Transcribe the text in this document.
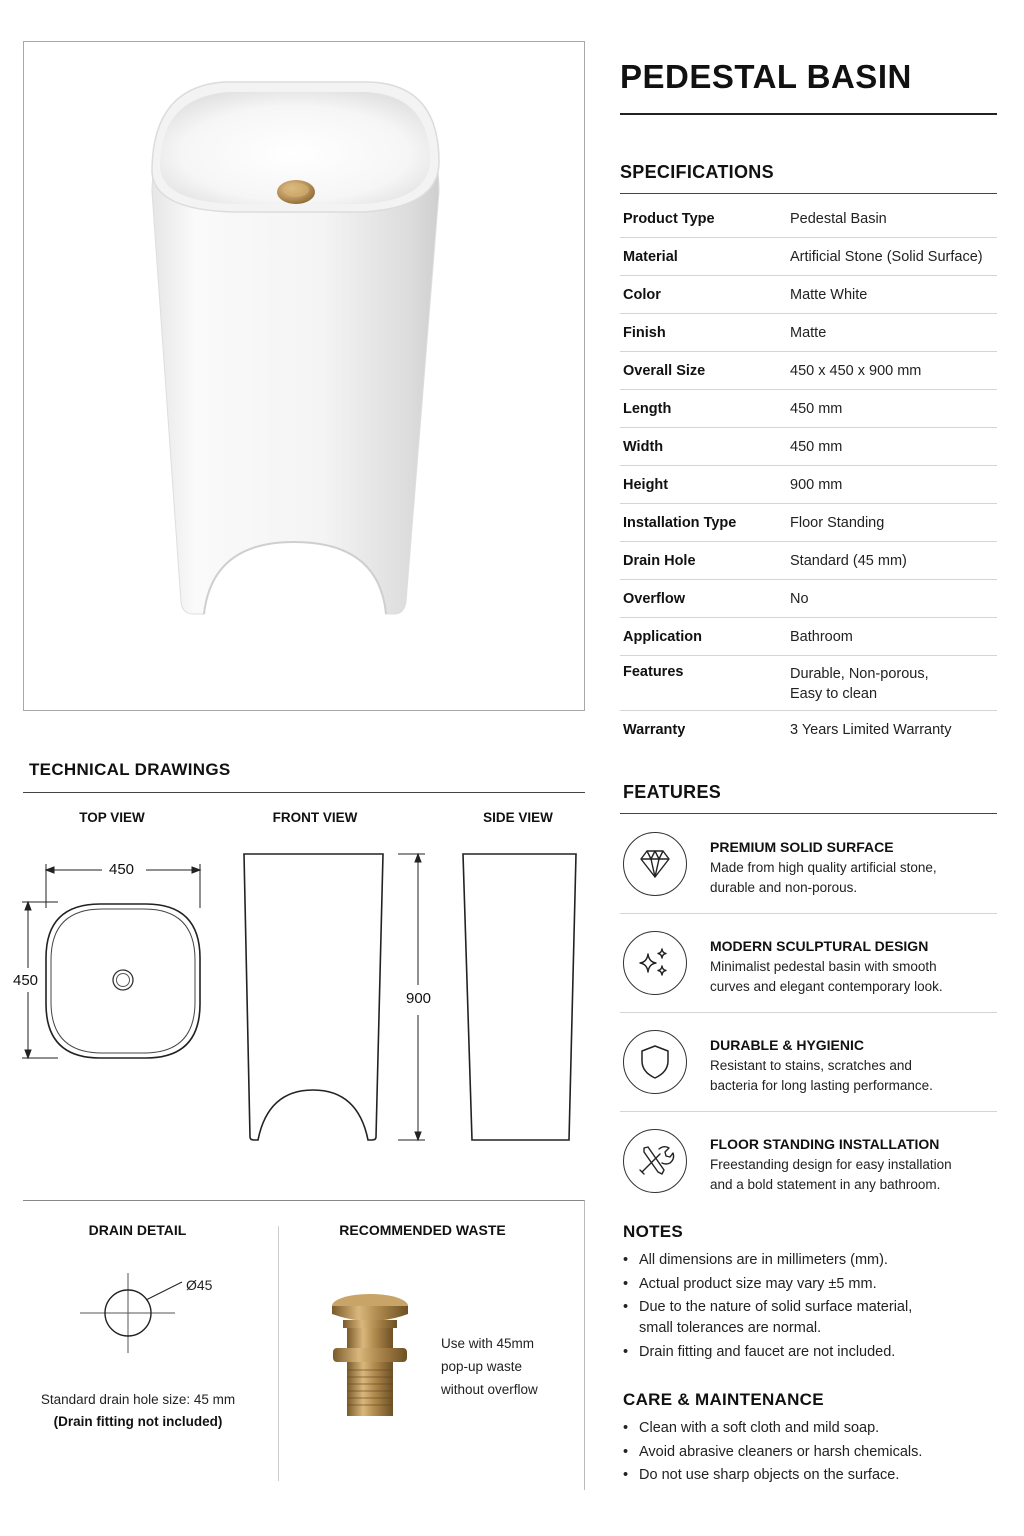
PEDESTAL BASIN
SPECIFICATIONS
Product Type	Pedestal Basin
Material	Artificial Stone (Solid Surface)
Color	Matte White
Finish	Matte
Overall Size	450 x 450 x 900 mm
Length	450 mm
Width	450 mm
Height	900 mm
Installation Type	Floor Standing
Drain Hole	Standard (45 mm)
Overflow	No
Application	Bathroom
Features	Durable, Non-porous,
Easy to clean
Warranty	3 Years Limited Warranty
TECHNICAL DRAWINGS
TOP VIEW	FRONT VIEW	SIDE VIEW
450
450
900
DRAIN DETAIL
Ø45
Standard drain hole size: 45 mm
(Drain fitting not included)
RECOMMENDED WASTE
Use with 45mm
pop-up waste
without overflow
FEATURES
PREMIUM SOLID SURFACE
Made from high quality artificial stone,
durable and non-porous.
MODERN SCULPTURAL DESIGN
Minimalist pedestal basin with smooth
curves and elegant contemporary look.
DURABLE & HYGIENIC
Resistant to stains, scratches and
bacteria for long lasting performance.
FLOOR STANDING INSTALLATION
Freestanding design for easy installation
and a bold statement in any bathroom.
NOTES
• All dimensions are in millimeters (mm).
• Actual product size may vary ±5 mm.
• Due to the nature of solid surface material,
small tolerances are normal.
• Drain fitting and faucet are not included.
CARE & MAINTENANCE
• Clean with a soft cloth and mild soap.
• Avoid abrasive cleaners or harsh chemicals.
• Do not use sharp objects on the surface.
